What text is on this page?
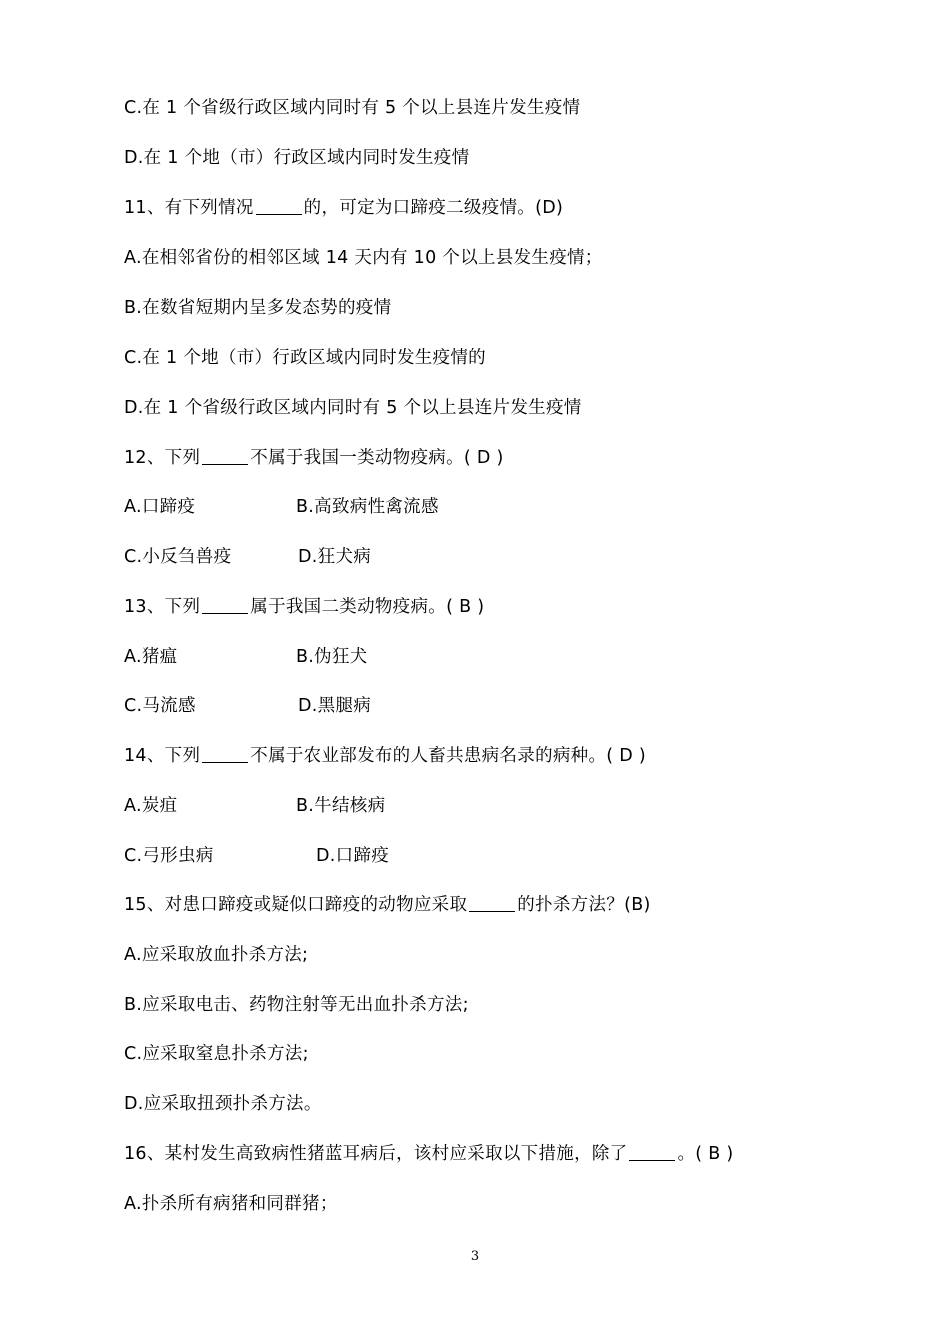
C.在 1 个省级行政区域内同时有 5 个以上县连片发生疫情
D.在 1 个地（市）行政区域内同时发生疫情
11、有下列情况	的，可定为口蹄疫二级疫情。(D)
A.在相邻省份的相邻区域 14 天内有 10 个以上县发生疫情；
B.在数省短期内呈多发态势的疫情
C.在 1 个地（市）行政区域内同时发生疫情的
D.在 1 个省级行政区域内同时有 5 个以上县连片发生疫情
12、下列	不属于我国一类动物疫病。( D )
A.口蹄疫	B.高致病性禽流感
C.小反刍兽疫	D.狂犬病
13、下列	属于我国二类动物疫病。( B )
A.猪瘟	B.伪狂犬
C.马流感	D.黑腿病
14、下列	不属于农业部发布的人畜共患病名录的病种。( D )
A.炭疽	B.牛结核病
C.弓形虫病	D.口蹄疫
15、对患口蹄疫或疑似口蹄疫的动物应采取	的扑杀方法？(B)
A.应采取放血扑杀方法;
B.应采取电击、药物注射等无出血扑杀方法;
C.应采取窒息扑杀方法;
D.应采取扭颈扑杀方法。
16、某村发生高致病性猪蓝耳病后，该村应采取以下措施，除了	。( B )
A.扑杀所有病猪和同群猪；
3
